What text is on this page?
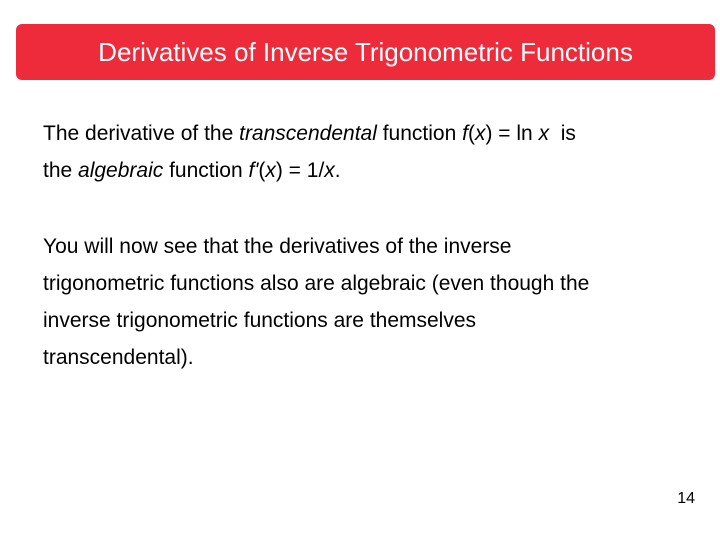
Derivatives of Inverse Trigonometric Functions
The derivative of the transcendental function f(x) = ln x  is
the algebraic function f'(x) = 1/x.
You will now see that the derivatives of the inverse
trigonometric functions also are algebraic (even though the
inverse trigonometric functions are themselves
transcendental).
14
